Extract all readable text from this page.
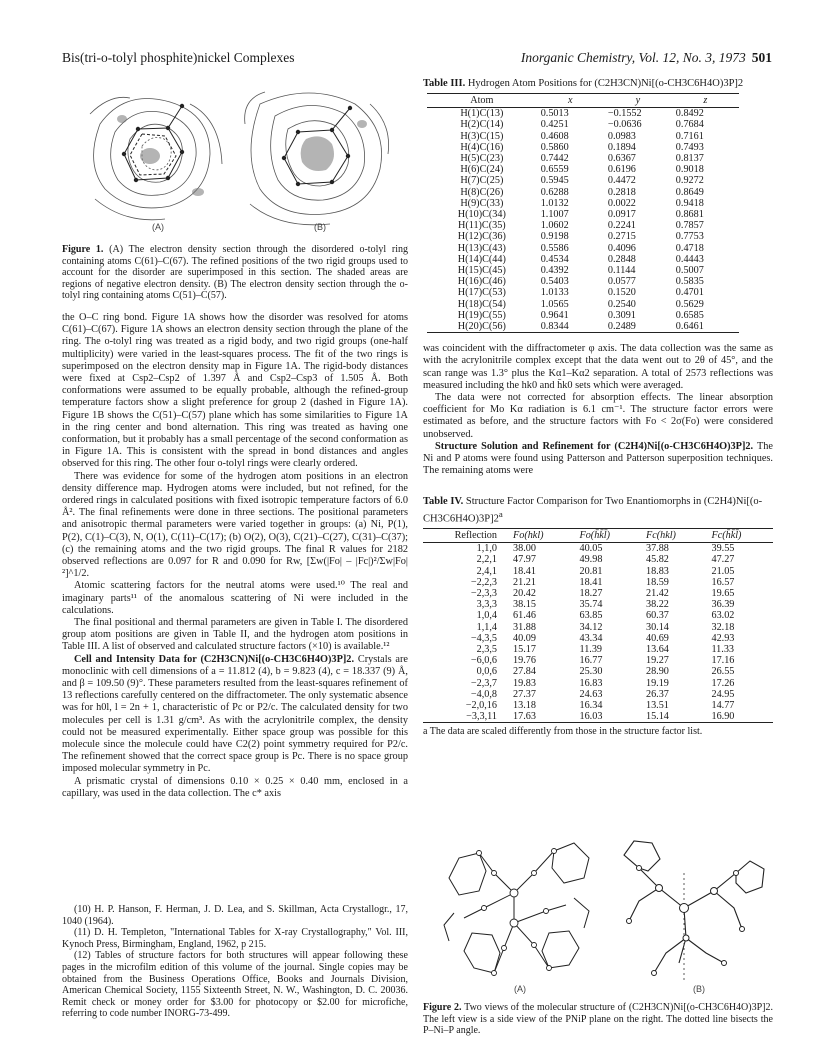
Bis(tri-o-tolyl phosphite)nickel Complexes	Inorganic Chemistry, Vol. 12, No. 3, 1973 501
(A)	(B)

Figure 1. (A) The electron density section through the disordered o-tolyl ring containing atoms C(61)–C(67). The refined positions of the two rigid groups used to account for the disorder are superimposed in this section. The shaded areas are regions of negative electron density. (B) The electron density section through the o-tolyl ring containing atoms C(51)–C(57).

the O–C ring bond. Figure 1A shows how the disorder was resolved for atoms C(61)–C(67). Figure 1A shows an electron density section through the plane of the ring. The o-tolyl ring was treated as a rigid body, and two rigid groups (one-half multiplicity) were varied in the least-squares process. The fit of the two rings is superimposed on the electron density map in Figure 1A. The rigid-body distances were fixed at Csp2–Csp2 of 1.397 Å and Csp2–Csp3 of 1.505 Å. Both conformations were assumed to be equally probable, although the refined-group temperature factors show a slight preference for group 2 (dashed in Figure 1A). Figure 1B shows the C(51)–C(57) plane which has some similarities to Figure 1A in the ring center and bond alternation. This ring was treated as having one conformation, but it probably has a small percentage of the second conformation as in Figure 1A. This is consistent with the spread in bond distances and angles observed for this ring. The other four o-tolyl rings were clearly ordered.

There was evidence for some of the hydrogen atom positions in an electron density difference map. Hydrogen atoms were included, but not refined, for the ordered rings in calculated positions with fixed isotropic temperature factors of 6.0 Å². The final refinements were done in three sections. The positional parameters and anisotropic thermal parameters were varied together in groups: (a) Ni, P(1), P(2), C(1)–C(3), N, O(1), C(11)–C(17); (b) O(2), O(3), C(21)–C(27), C(31)–C(37); (c) the remaining atoms and the two rigid groups. The final R values for 2182 observed reflections are 0.097 for R and 0.090 for Rw, [Σw(|Fo| – |Fc|)²/Σw|Fo|²]^1/2.

Atomic scattering factors for the neutral atoms were used.¹⁰ The real and imaginary parts¹¹ of the anomalous scattering of Ni were included in the calculations.

The final positional and thermal parameters are given in Table I. The disordered group atom positions are given in Table II, and the hydrogen atom positions in Table III. A list of observed and calculated structure factors (×10) is available.¹²

Cell and Intensity Data for (C2H3CN)Ni[(o-CH3C6H4O)3P]2. Crystals are monoclinic with cell dimensions of a = 11.812 (4), b = 9.823 (4), c = 18.337 (9) Å, and β = 109.50 (9)°. These parameters resulted from the least-squares refinement of 13 reflections carefully centered on the diffractometer. The only systematic absence was for h0l, l = 2n + 1, characteristic of Pc or P2/c. The calculated density for two molecules per cell is 1.31 g/cm³. As with the acrylonitrile complex, the density could not be measured experimentally. Either space group was possible for this molecule since the molecule could have C2(2) point symmetry required for P2/c. The refinement showed that the correct space group is Pc. There is no space group imposed molecular symmetry in Pc.

A prismatic crystal of dimensions 0.10 × 0.25 × 0.40 mm, enclosed in a capillary, was used in the data collection. The c* axis

(10) H. P. Hanson, F. Herman, J. D. Lea, and S. Skillman, Acta Crystallogr., 17, 1040 (1964).

(11) D. H. Templeton, "International Tables for X-ray Crystallography," Vol. III, Kynoch Press, Birmingham, England, 1962, p 215.

(12) Tables of structure factors for both structures will appear following these pages in the microfilm edition of this volume of the journal. Single copies may be obtained from the Business Operations Office, Books and Journals Division, American Chemical Society, 1155 Sixteenth Street, N. W., Washington, D. C. 20036. Remit check or money order for $3.00 for photocopy or $2.00 for microfiche, referring to code number INORG-73-499.

Table III. Hydrogen Atom Positions for (C2H3CN)Ni[(o-CH3C6H4O)3P]2

Atom	x	y	z
H(1)C(13)	0.5013	−0.1552	0.8492
H(2)C(14)	0.4251	−0.0636	0.7684
H(3)C(15)	0.4608	0.0983	0.7161
H(4)C(16)	0.5860	0.1894	0.7493
H(5)C(23)	0.7442	0.6367	0.8137
H(6)C(24)	0.6559	0.6196	0.9018
H(7)C(25)	0.5945	0.4472	0.9272
H(8)C(26)	0.6288	0.2818	0.8649
H(9)C(33)	1.0132	0.0022	0.9418
H(10)C(34)	1.1007	0.0917	0.8681
H(11)C(35)	1.0602	0.2241	0.7857
H(12)C(36)	0.9198	0.2715	0.7753
H(13)C(43)	0.5586	0.4096	0.4718
H(14)C(44)	0.4534	0.2848	0.4443
H(15)C(45)	0.4392	0.1144	0.5007
H(16)C(46)	0.5403	0.0577	0.5835
H(17)C(53)	1.0133	0.1520	0.4701
H(18)C(54)	1.0565	0.2540	0.5629
H(19)C(55)	0.9641	0.3091	0.6585
H(20)C(56)	0.8344	0.2489	0.6461

was coincident with the diffractometer φ axis. The data collection was the same as with the acrylonitrile complex except that the data went out to 2θ of 45°, and the scan range was 1.3° plus the Kα1–Kα2 separation. A total of 2573 reflections was measured including the hk0 and h̄k0 sets which were averaged.

The data were not corrected for absorption effects. The linear absorption coefficient for Mo Kα radiation is 6.1 cm⁻¹. The structure factor errors were estimated as before, and the structure factors with Fo < 2σ(Fo) were considered unobserved.

Structure Solution and Refinement for (C2H4)Ni[(o-CH3C6H4O)3P]2. The Ni and P atoms were found using Patterson and Patterson superposition techniques. The remaining atoms were

Table IV. Structure Factor Comparison for Two Enantiomorphs in (C2H4)Ni[(o-CH3C6H4O)3P]2$^a$

Reflection	Fo(hkl)	Fo(h̄k̄l̄)	Fc(hkl)	Fc(h̄k̄l̄)
1,1,0	38.00	40.05	37.88	39.55
2,2,1	47.97	49.98	45.82	47.27
2,4,1	18.41	20.81	18.83	21.05
−2,2,3	21.21	18.41	18.59	16.57
−2,3,3	20.42	18.27	21.42	19.65
3,3,3	38.15	35.74	38.22	36.39
1,0,4	61.46	63.85	60.37	63.02
1,1,4	31.88	34.12	30.14	32.18
−4,3,5	40.09	43.34	40.69	42.93
2,3,5	15.17	11.39	13.64	11.33
−6,0,6	19.76	16.77	19.27	17.16
0,0,6	27.84	25.30	28.90	26.55
−2,3,7	19.83	16.83	19.19	17.26
−4,0,8	27.37	24.63	26.37	24.95
−2,0,16	13.18	16.34	13.51	14.77
−3,3,11	17.63	16.03	15.14	16.90

a The data are scaled differently from those in the structure factor list.

(A)	(B)

Figure 2. Two views of the molecular structure of (C2H3CN)Ni[(o-CH3C6H4O)3P]2. The left view is a side view of the PNiP plane on the right. The dotted line bisects the P–Ni–P angle.
